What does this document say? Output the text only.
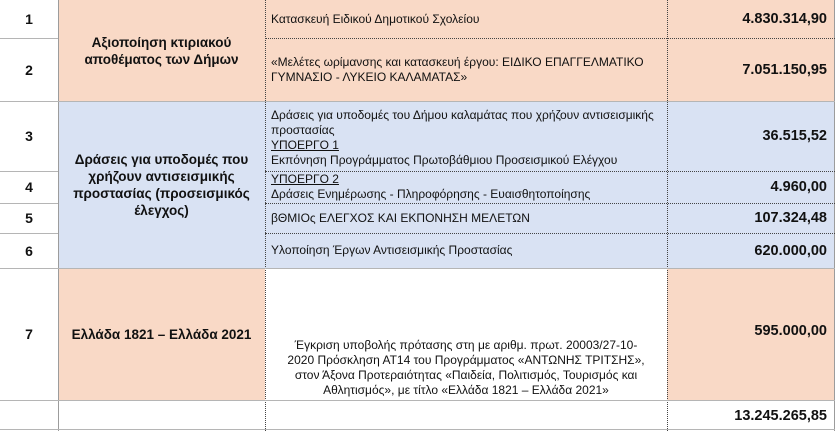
1
2
3
4
5
6
7
Αξιοποίηση κτιριακού αποθέματος των Δήμων
Δράσεις για υποδομές που χρήζουν αντισεισμικής προστασίας (προσεισμικός έλεγχος)
Ελλάδα 1821 – Ελλάδα 2021
Κατασκευή Ειδικού Δημοτικού Σχολείου
«Μελέτες ωρίμανσης και κατασκευή έργου: ΕΙΔΙΚΟ ΕΠΑΓΓΕΛΜΑΤΙΚΟ ΓΥΜΝΑΣΙΟ - ΛΥΚΕΙΟ ΚΑΛΑΜΑΤΑΣ»
Δράσεις για υποδομές του Δήμου καλαμάτας που χρήζουν αντισεισμικής προστασίας
ΥΠΟΕΡΓΟ 1
Εκπόνηση Προγράμματος Πρωτοβάθμιου Προσεισμικού Ελέγχου
ΥΠΟΕΡΓΟ 2
Δράσεις Ενημέρωσης - Πληροφόρησης - Ευαισθητοποίησης
βΘΜΙΟς ΕΛΕΓΧΟΣ ΚΑΙ ΕΚΠΟΝΗΣΗ ΜΕΛΕΤΩΝ
Υλοποίηση Έργων Αντισεισμικής Προστασίας
Έγκριση υποβολής πρότασης στη με αριθμ. πρωτ. 20003/27-10-2020 Πρόσκληση ΑΤ14 του Προγράμματος «ΑΝΤΩΝΗΣ ΤΡΙΤΣΗΣ», στον Άξονα Προτεραιότητας «Παιδεία, Πολιτισμός, Τουρισμός και Αθλητισμός», με τίτλο «Ελλάδα 1821 – Ελλάδα 2021»
4.830.314,90
7.051.150,95
36.515,52
4.960,00
107.324,48
620.000,00
595.000,00
13.245.265,85
